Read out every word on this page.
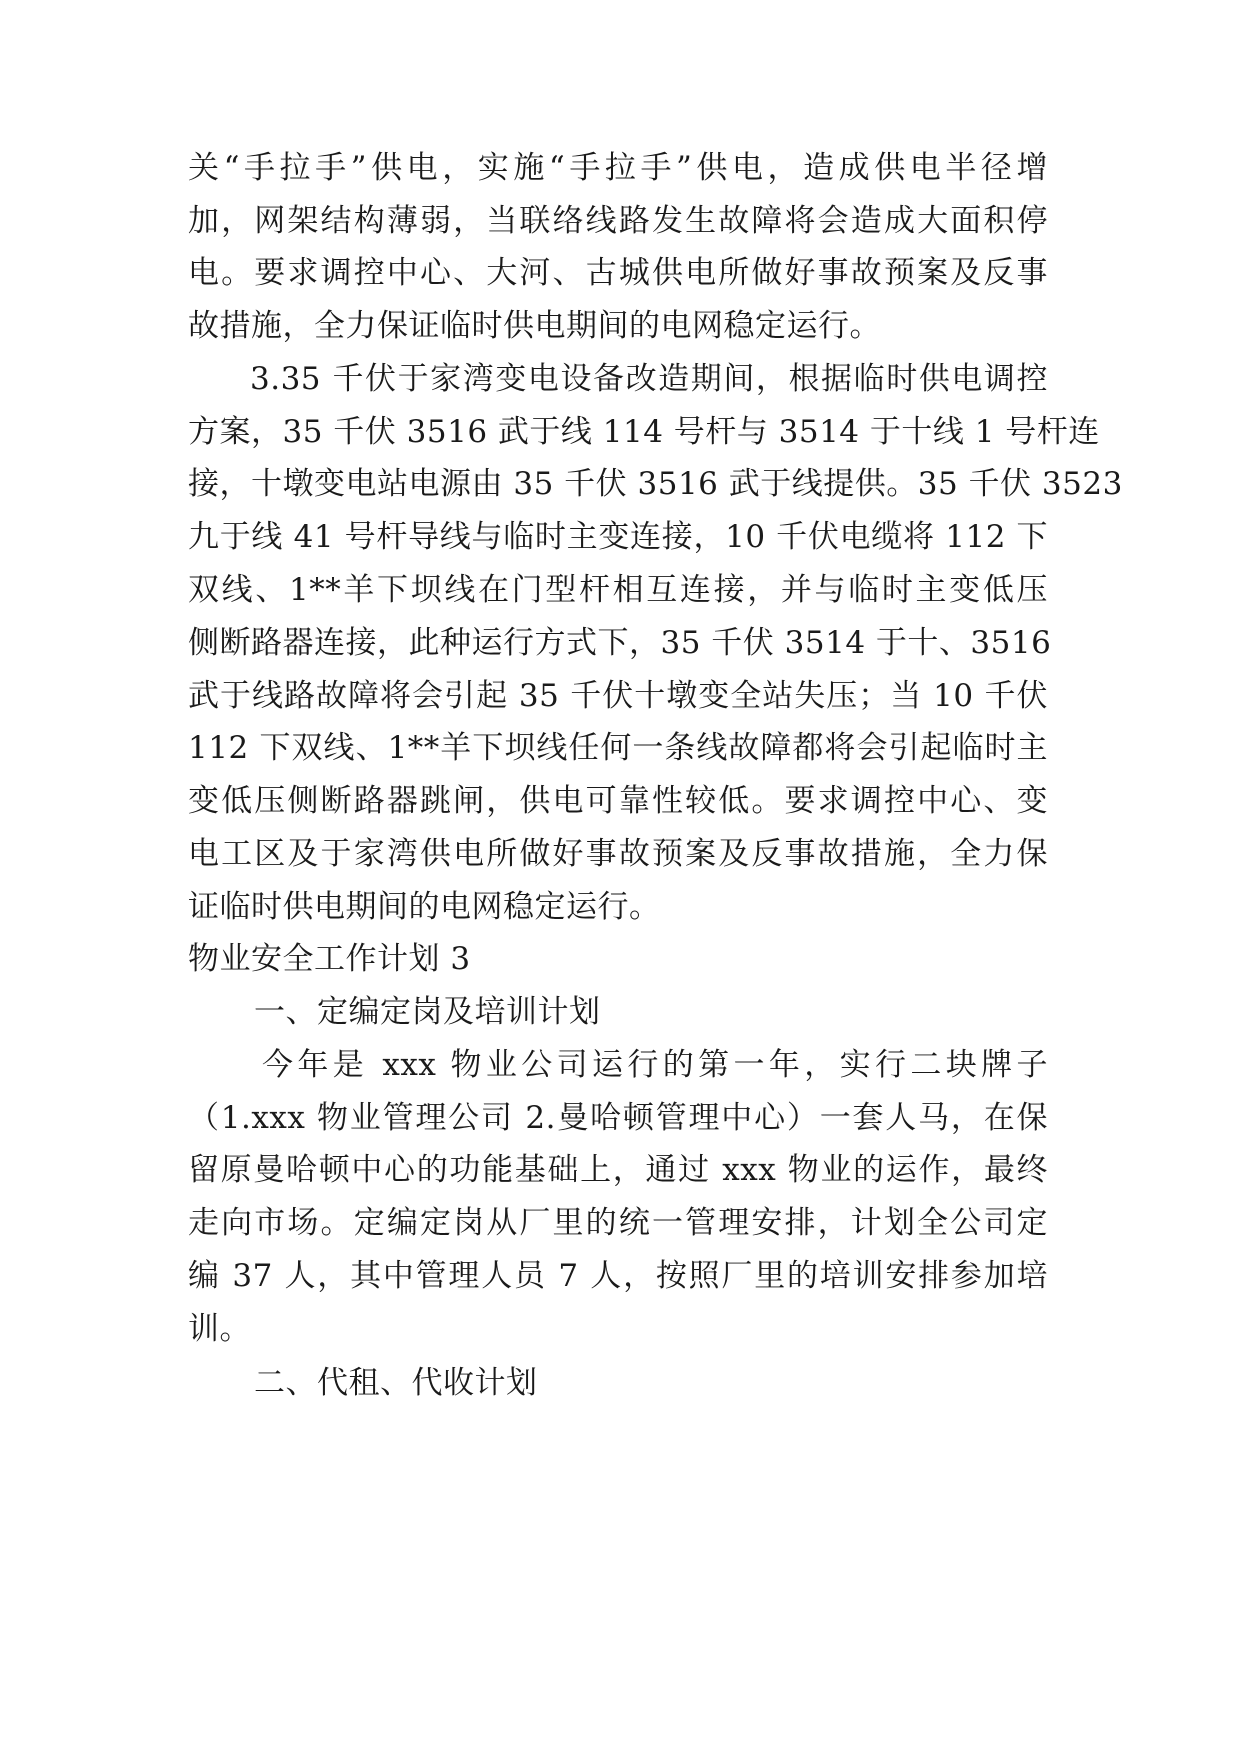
关“手拉手”供电，实施“手拉手”供电，造成供电半径增
加，网架结构薄弱，当联络线路发生故障将会造成大面积停
电。要求调控中心、大河、古城供电所做好事故预案及反事
故措施，全力保证临时供电期间的电网稳定运行。
3.35 千伏于家湾变电设备改造期间，根据临时供电调控
方案，35 千伏 3516 武于线 114 号杆与 3514 于十线 1 号杆连
接，十墩变电站电源由 35 千伏 3516 武于线提供。35 千伏 3523
九于线 41 号杆导线与临时主变连接，10 千伏电缆将 112 下
双线、1**羊下坝线在门型杆相互连接，并与临时主变低压
侧断路器连接，此种运行方式下，35 千伏 3514 于十、3516
武于线路故障将会引起 35 千伏十墩变全站失压；当 10 千伏
112 下双线、1**羊下坝线任何一条线故障都将会引起临时主
变低压侧断路器跳闸，供电可靠性较低。要求调控中心、变
电工区及于家湾供电所做好事故预案及反事故措施，全力保
证临时供电期间的电网稳定运行。
物业安全工作计划 3
一、定编定岗及培训计划
今年是 xxx 物业公司运行的第一年，实行二块牌子
（1.xxx 物业管理公司 2.曼哈顿管理中心）一套人马，在保
留原曼哈顿中心的功能基础上，通过 xxx 物业的运作，最终
走向市场。定编定岗从厂里的统一管理安排，计划全公司定
编 37 人，其中管理人员 7 人，按照厂里的培训安排参加培
训。
二、代租、代收计划
